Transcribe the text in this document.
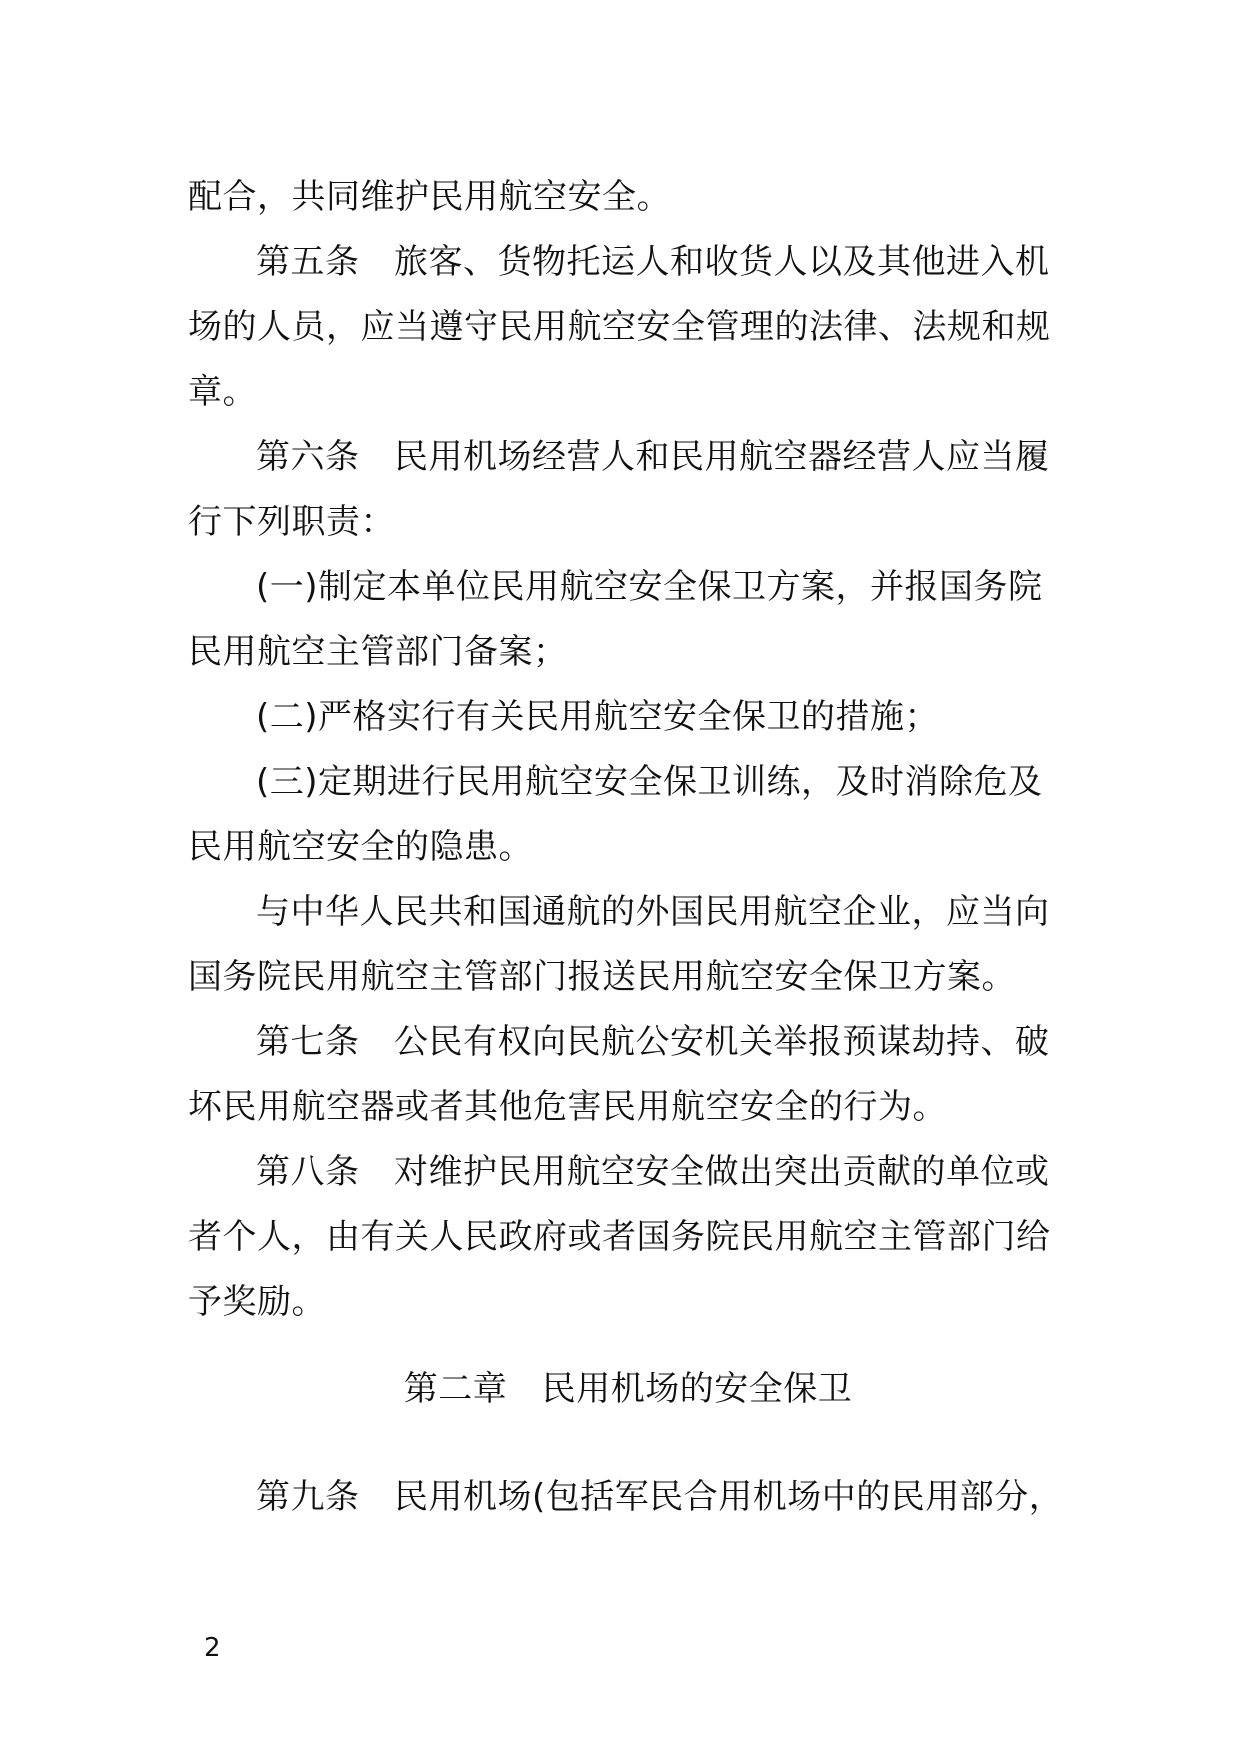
配合，共同维护民用航空安全。

第五条　旅客、货物托运人和收货人以及其他进入机场的人员，应当遵守民用航空安全管理的法律、法规和规章。

第六条　民用机场经营人和民用航空器经营人应当履行下列职责：

(一)制定本单位民用航空安全保卫方案，并报国务院民用航空主管部门备案；

(二)严格实行有关民用航空安全保卫的措施；

(三)定期进行民用航空安全保卫训练，及时消除危及民用航空安全的隐患。

与中华人民共和国通航的外国民用航空企业，应当向国务院民用航空主管部门报送民用航空安全保卫方案。

第七条　公民有权向民航公安机关举报预谋劫持、破坏民用航空器或者其他危害民用航空安全的行为。

第八条　对维护民用航空安全做出突出贡献的单位或者个人，由有关人民政府或者国务院民用航空主管部门给予奖励。

第二章　民用机场的安全保卫

第九条　民用机场(包括军民合用机场中的民用部分，

2
